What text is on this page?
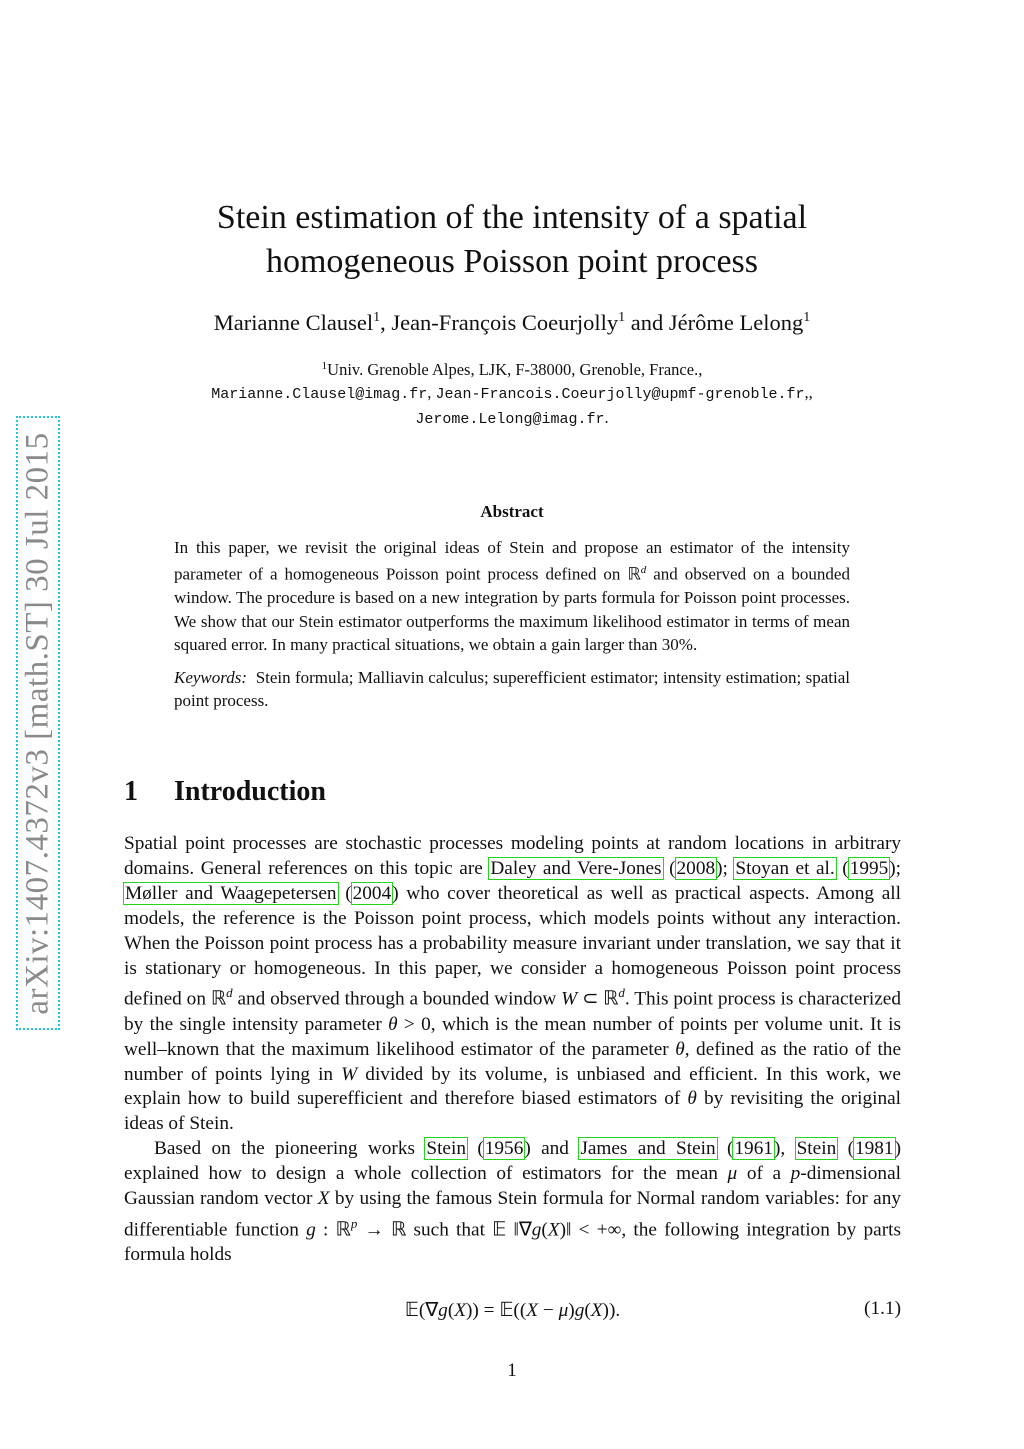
arXiv:1407.4372v3 [math.ST] 30 Jul 2015
Stein estimation of the intensity of a spatial
homogeneous Poisson point process
Marianne Clausel$^1$, Jean-François Coeurjolly$^1$ and Jérôme Lelong$^1$
$^1$Univ. Grenoble Alpes, LJK, F-38000, Grenoble, France.,
Marianne.Clausel@imag.fr, Jean-Francois.Coeurjolly@upmf-grenoble.fr,,
Jerome.Lelong@imag.fr.
Abstract

In this paper, we revisit the original ideas of Stein and propose an estimator of the intensity parameter of a homogeneous Poisson point process defined on ℝ$^d$ and observed on a bounded window. The procedure is based on a new integration by parts formula for Poisson point processes. We show that our Stein estimator outperforms the maximum likelihood estimator in terms of mean squared error. In many practical situations, we obtain a gain larger than 30%.

Keywords: Stein formula; Malliavin calculus; superefficient estimator; intensity estimation; spatial point process.

1 Introduction

Spatial point processes are stochastic processes modeling points at random locations in arbitrary domains. General references on this topic are Daley and Vere-Jones (2008); Stoyan et al. (1995); Møller and Waagepetersen (2004) who cover theoretical as well as practical aspects. Among all models, the reference is the Poisson point process, which models points without any interaction. When the Poisson point process has a probability measure invariant under translation, we say that it is stationary or homogeneous. In this paper, we consider a homogeneous Poisson point process defined on ℝ$^d$ and observed through a bounded window W ⊂ ℝ$^d$. This point process is characterized by the single intensity parameter θ > 0, which is the mean number of points per volume unit. It is well–known that the maximum likelihood estimator of the parameter θ, defined as the ratio of the number of points lying in W divided by its volume, is unbiased and efficient. In this work, we explain how to build superefficient and therefore biased estimators of θ by revisiting the original ideas of Stein.

Based on the pioneering works Stein (1956) and James and Stein (1961), Stein (1981) explained how to design a whole collection of estimators for the mean μ of a p-dimensional Gaussian random vector X by using the famous Stein formula for Normal random variables: for any differentiable function g : ℝ$^p$ → ℝ such that 𝔼 ‖∇g(X)‖ < +∞, the following integration by parts formula holds

𝔼(∇g(X)) = 𝔼((X − μ)g(X)).	(1.1)
1
